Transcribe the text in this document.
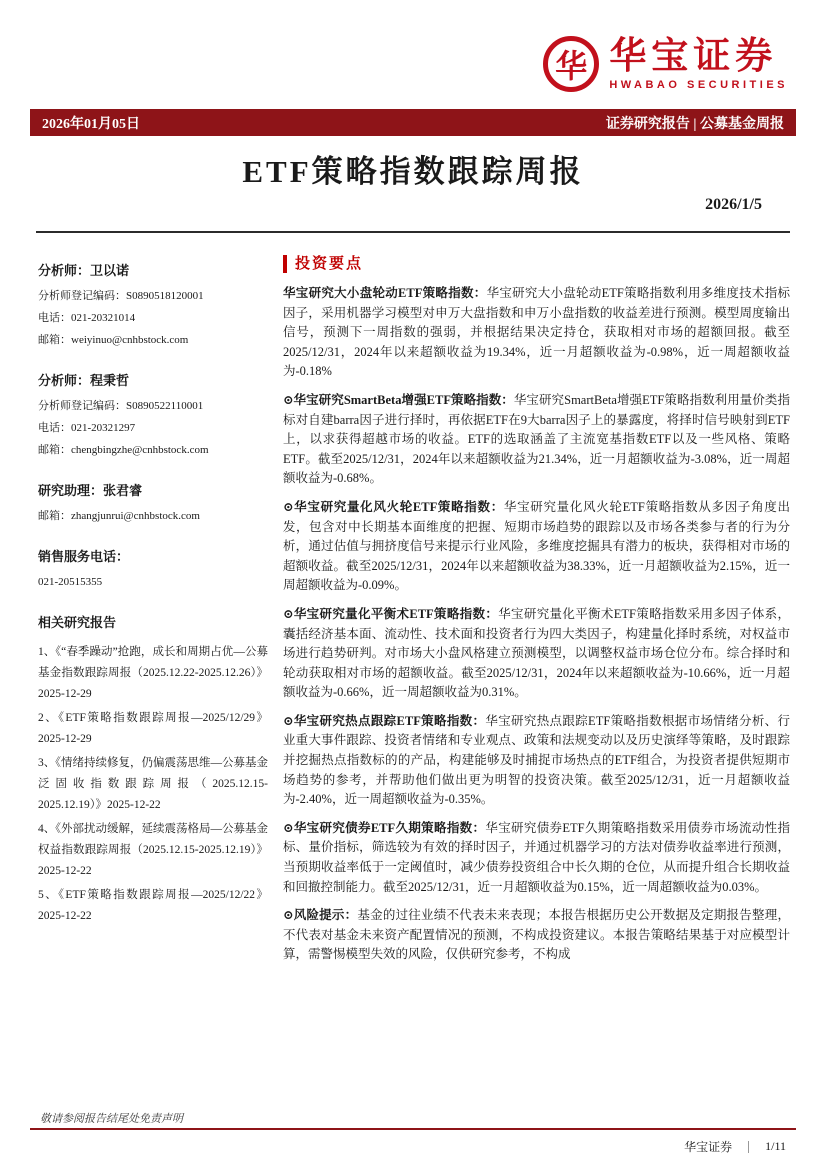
华 华宝证券
HWABAO SECURITIES
2026年01月05日	证券研究报告 | 公募基金周报
ETF策略指数跟踪周报
2026/1/5
分析师：卫以诺
分析师登记编码：S0890518120001
电话：021-20321014
邮箱：weiyinuo@cnhbstock.com
分析师：程秉哲
分析师登记编码：S0890522110001
电话：021-20321297
邮箱：chengbingzhe@cnhbstock.com
研究助理：张君睿
邮箱：zhangjunrui@cnhbstock.com
销售服务电话：
021-20515355
相关研究报告

1、《“春季躁动”抢跑，成长和周期占优—公募基金指数跟踪周报（2025.12.22-2025.12.26）》2025-12-29

2、《ETF策略指数跟踪周报—2025/12/29》2025-12-29

3、《情绪持续修复，仍偏震荡思维—公募基金泛固收指数跟踪周报（2025.12.15-2025.12.19）》2025-12-22

4、《外部扰动缓解，延续震荡格局—公募基金权益指数跟踪周报（2025.12.15-2025.12.19）》2025-12-22

5、《ETF策略指数跟踪周报—2025/12/22》2025-12-22

投资要点

华宝研究大小盘轮动ETF策略指数：华宝研究大小盘轮动ETF策略指数利用多维度技术指标因子，采用机器学习模型对申万大盘指数和申万小盘指数的收益差进行预测。模型周度输出信号，预测下一周指数的强弱，并根据结果决定持仓，获取相对市场的超额回报。截至2025/12/31，2024年以来超额收益为19.34%，近一月超额收益为-0.98%，近一周超额收益为-0.18%

⊙华宝研究SmartBeta增强ETF策略指数：华宝研究SmartBeta增强ETF策略指数利用量价类指标对自建barra因子进行择时，再依据ETF在9大barra因子上的暴露度，将择时信号映射到ETF上，以求获得超越市场的收益。ETF的选取涵盖了主流宽基指数ETF以及一些风格、策略ETF。截至2025/12/31，2024年以来超额收益为21.34%，近一月超额收益为-3.08%，近一周超额收益为-0.68%。

⊙华宝研究量化风火轮ETF策略指数：华宝研究量化风火轮ETF策略指数从多因子角度出发，包含对中长期基本面维度的把握、短期市场趋势的跟踪以及市场各类参与者的行为分析，通过估值与拥挤度信号来提示行业风险，多维度挖掘具有潜力的板块，获得相对市场的超额收益。截至2025/12/31，2024年以来超额收益为38.33%，近一月超额收益为2.15%，近一周超额收益为-0.09%。

⊙华宝研究量化平衡术ETF策略指数：华宝研究量化平衡术ETF策略指数采用多因子体系，囊括经济基本面、流动性、技术面和投资者行为四大类因子，构建量化择时系统，对权益市场进行趋势研判。对市场大小盘风格建立预测模型，以调整权益市场仓位分布。综合择时和轮动获取相对市场的超额收益。截至2025/12/31，2024年以来超额收益为-10.66%，近一月超额收益为-0.66%，近一周超额收益为0.31%。

⊙华宝研究热点跟踪ETF策略指数：华宝研究热点跟踪ETF策略指数根据市场情绪分析、行业重大事件跟踪、投资者情绪和专业观点、政策和法规变动以及历史演绎等策略，及时跟踪并挖掘热点指数标的的产品，构建能够及时捕捉市场热点的ETF组合，为投资者提供短期市场趋势的参考，并帮助他们做出更为明智的投资决策。截至2025/12/31，近一月超额收益为-2.40%，近一周超额收益为-0.35%。

⊙华宝研究债券ETF久期策略指数：华宝研究债券ETF久期策略指数采用债券市场流动性指标、量价指标，筛选较为有效的择时因子，并通过机器学习的方法对债券收益率进行预测，当预期收益率低于一定阈值时，减少债券投资组合中长久期的仓位，从而提升组合长期收益和回撤控制能力。截至2025/12/31，近一月超额收益为0.15%，近一周超额收益为0.03%。

⊙风险提示：基金的过往业绩不代表未来表现；本报告根据历史公开数据及定期报告整理，不代表对基金未来资产配置情况的预测，不构成投资建议。本报告策略结果基于对应模型计算，需警惕模型失效的风险，仅供研究参考，不构成

敬请参阅报告结尾处免责声明
华宝证券	1/11
